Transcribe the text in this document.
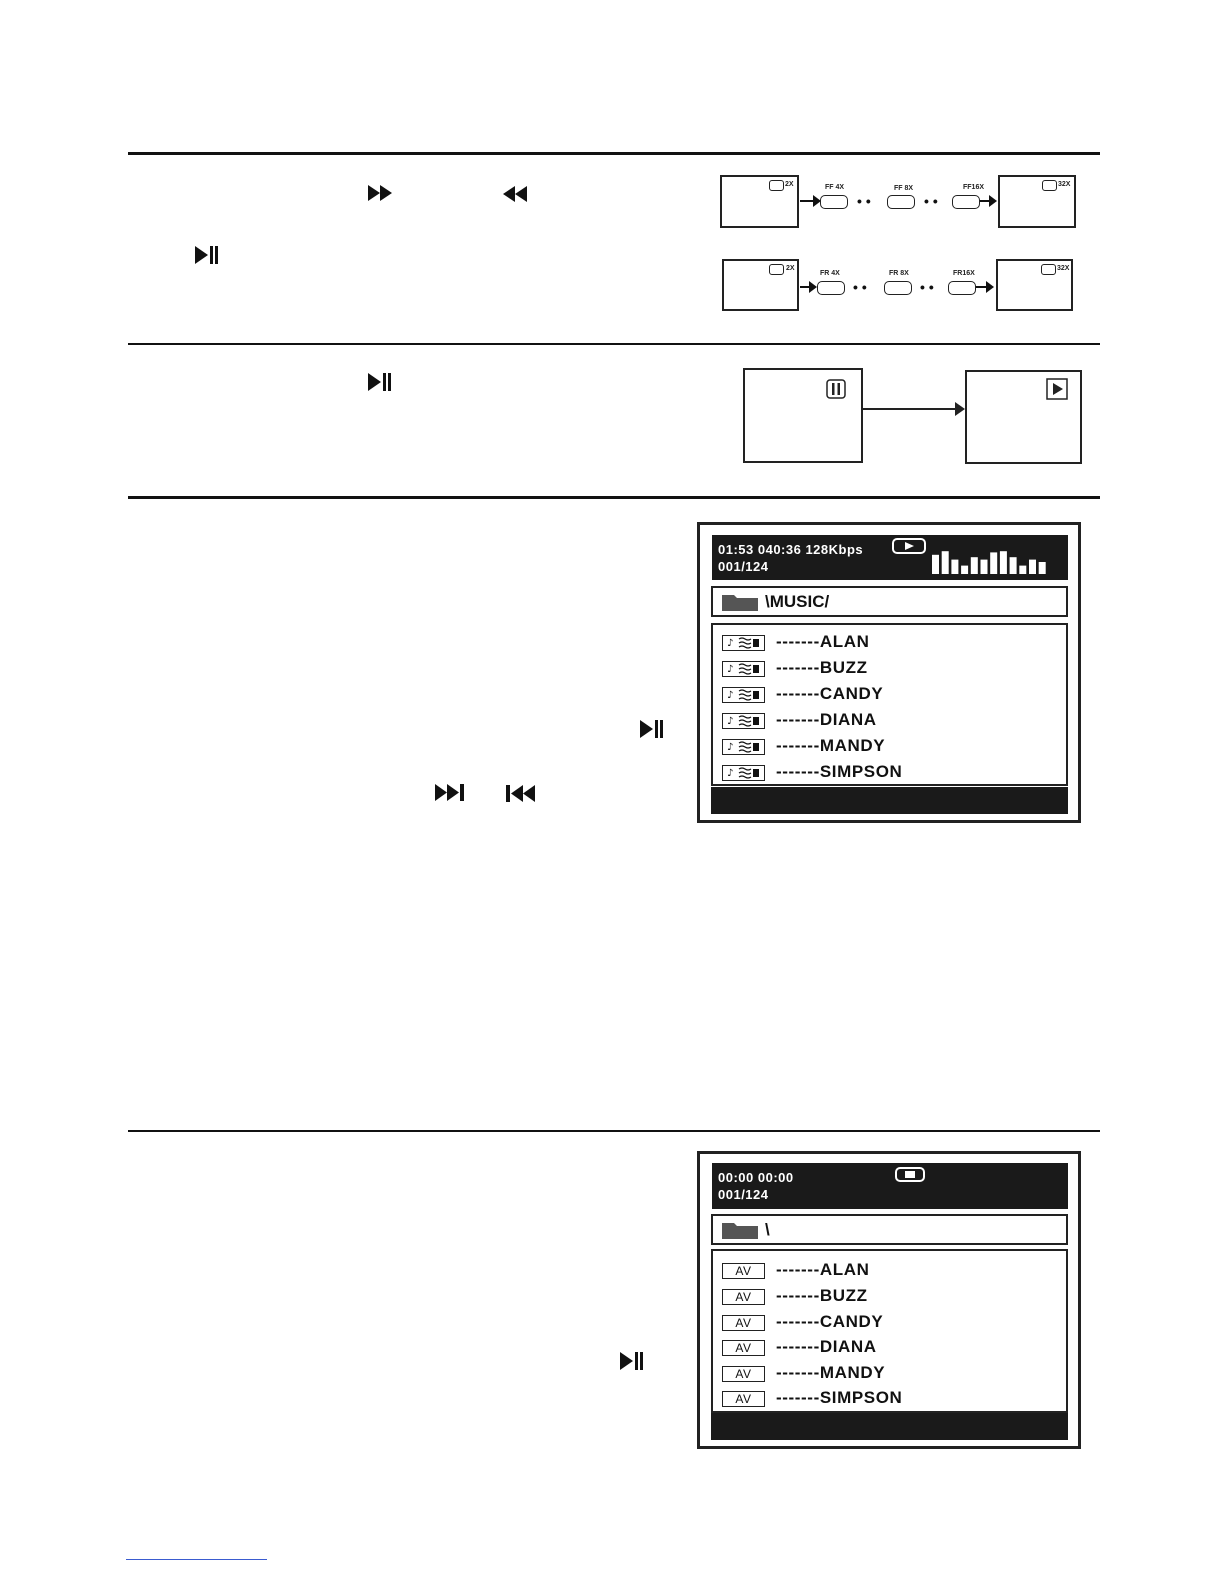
2X	FF 4X
••
FF 8X
••
FF16X	32X
2X
FR 4X
••
FR 8X
••
FR16X
32X
01:53 040:36 128Kbps
001/124
\MUSIC/
♪	-------ALAN
♪	-------BUZZ
♪	-------CANDY
♪	-------DIANA
♪	-------MANDY
♪	-------SIMPSON
00:00 00:00
001/124
\
AV	-------ALAN
AV	-------BUZZ
AV	-------CANDY
AV	-------DIANA
AV	-------MANDY
AV	-------SIMPSON
